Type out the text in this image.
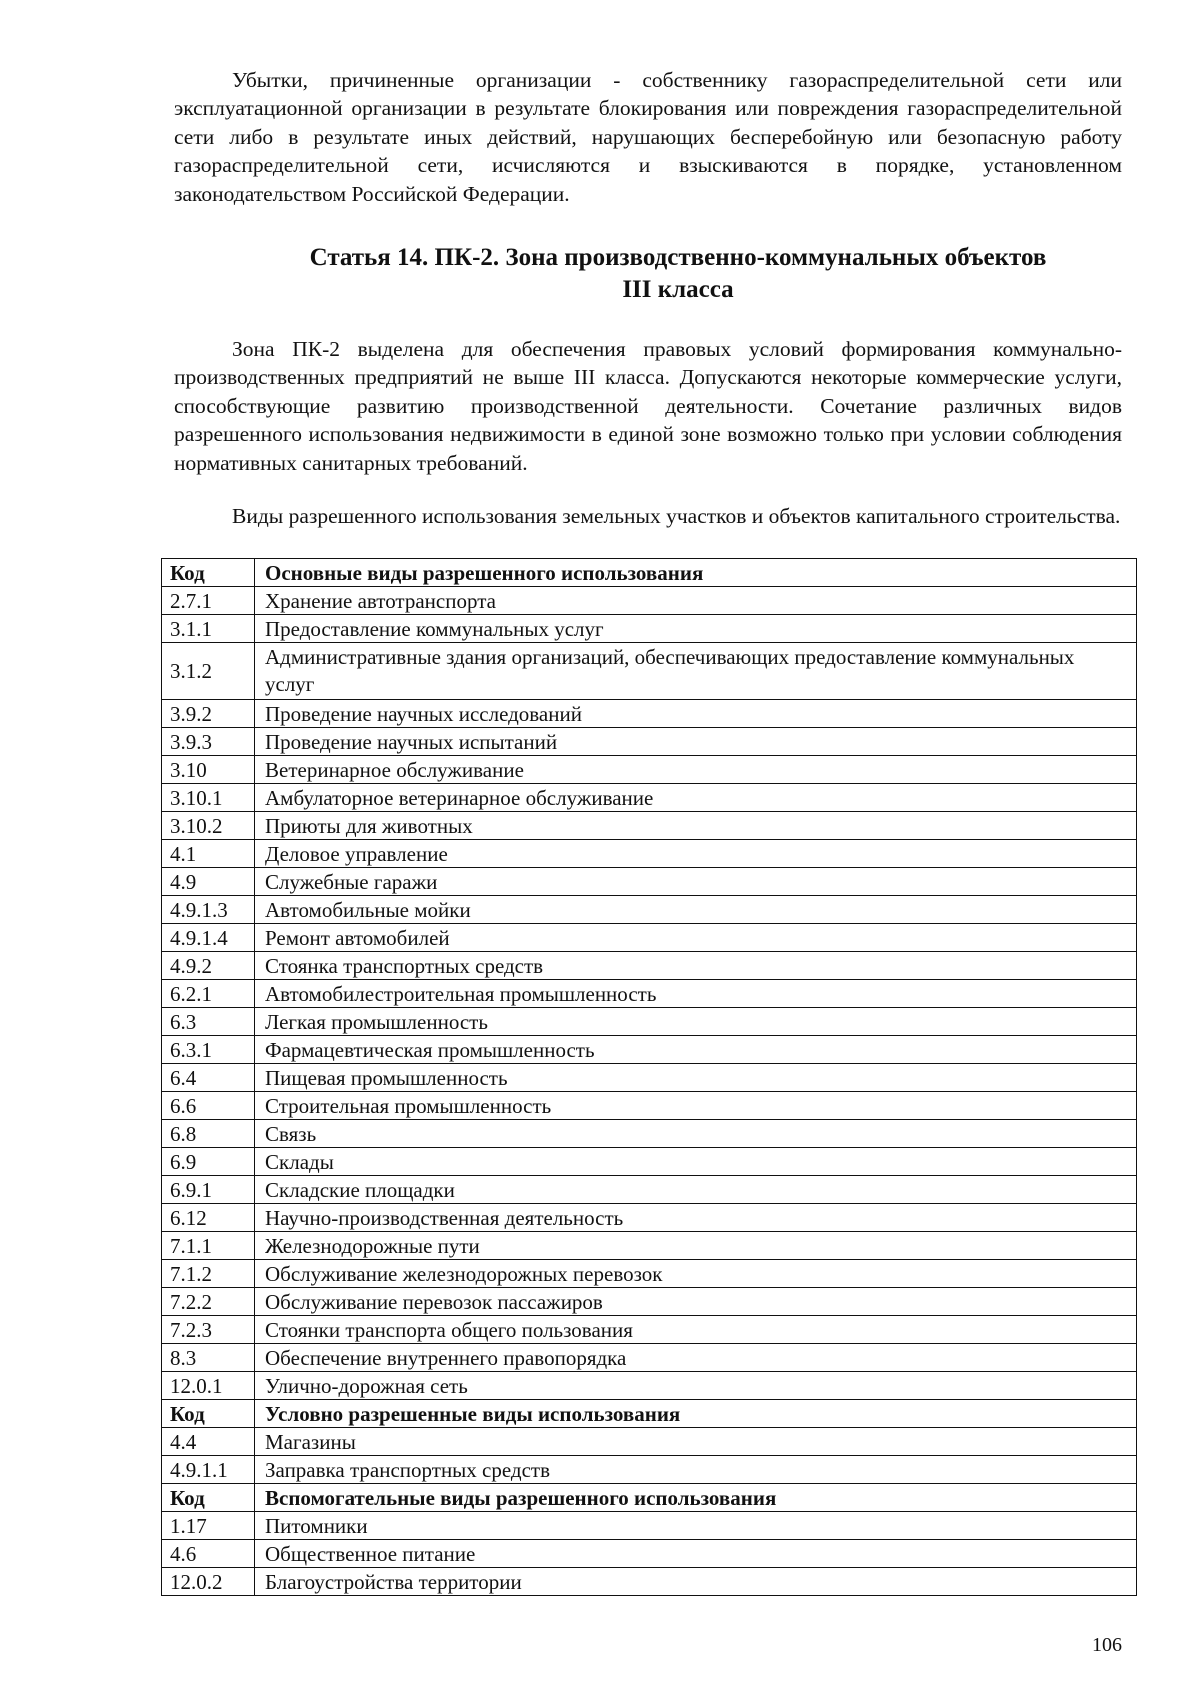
Убытки, причиненные организации - собственнику газораспределительной сети или эксплуатационной организации в результате блокирования или повреждения газораспределительной сети либо в результате иных действий, нарушающих бесперебойную или безопасную работу газораспределительной сети, исчисляются и взыскиваются в порядке, установленном законодательством Российской Федерации.

Статья 14. ПК-2. Зона производственно-коммунальных объектов
III класса

Зона ПК-2 выделена для обеспечения правовых условий формирования коммунально-производственных предприятий не выше III класса. Допускаются некоторые коммерческие услуги, способствующие развитию производственной деятельности. Сочетание различных видов разрешенного использования недвижимости в единой зоне возможно только при условии соблюдения нормативных санитарных требований.

Виды разрешенного использования земельных участков и объектов капитального строительства.

Код	Основные виды разрешенного использования
2.7.1	Хранение автотранспорта
3.1.1	Предоставление коммунальных услуг
3.1.2	Административные здания организаций, обеспечивающих предоставление коммунальных услуг
3.9.2	Проведение научных исследований
3.9.3	Проведение научных испытаний
3.10	Ветеринарное обслуживание
3.10.1	Амбулаторное ветеринарное обслуживание
3.10.2	Приюты для животных
4.1	Деловое управление
4.9	Служебные гаражи
4.9.1.3	Автомобильные мойки
4.9.1.4	Ремонт автомобилей
4.9.2	Стоянка транспортных средств
6.2.1	Автомобилестроительная промышленность
6.3	Легкая промышленность
6.3.1	Фармацевтическая промышленность
6.4	Пищевая промышленность
6.6	Строительная промышленность
6.8	Связь
6.9	Склады
6.9.1	Складские площадки
6.12	Научно-производственная деятельность
7.1.1	Железнодорожные пути
7.1.2	Обслуживание железнодорожных перевозок
7.2.2	Обслуживание перевозок пассажиров
7.2.3	Стоянки транспорта общего пользования
8.3	Обеспечение внутреннего правопорядка
12.0.1	Улично-дорожная сеть
Код	Условно разрешенные виды использования
4.4	Магазины
4.9.1.1	Заправка транспортных средств
Код	Вспомогательные виды разрешенного использования
1.17	Питомники
4.6	Общественное питание
12.0.2	Благоустройства территории
106
